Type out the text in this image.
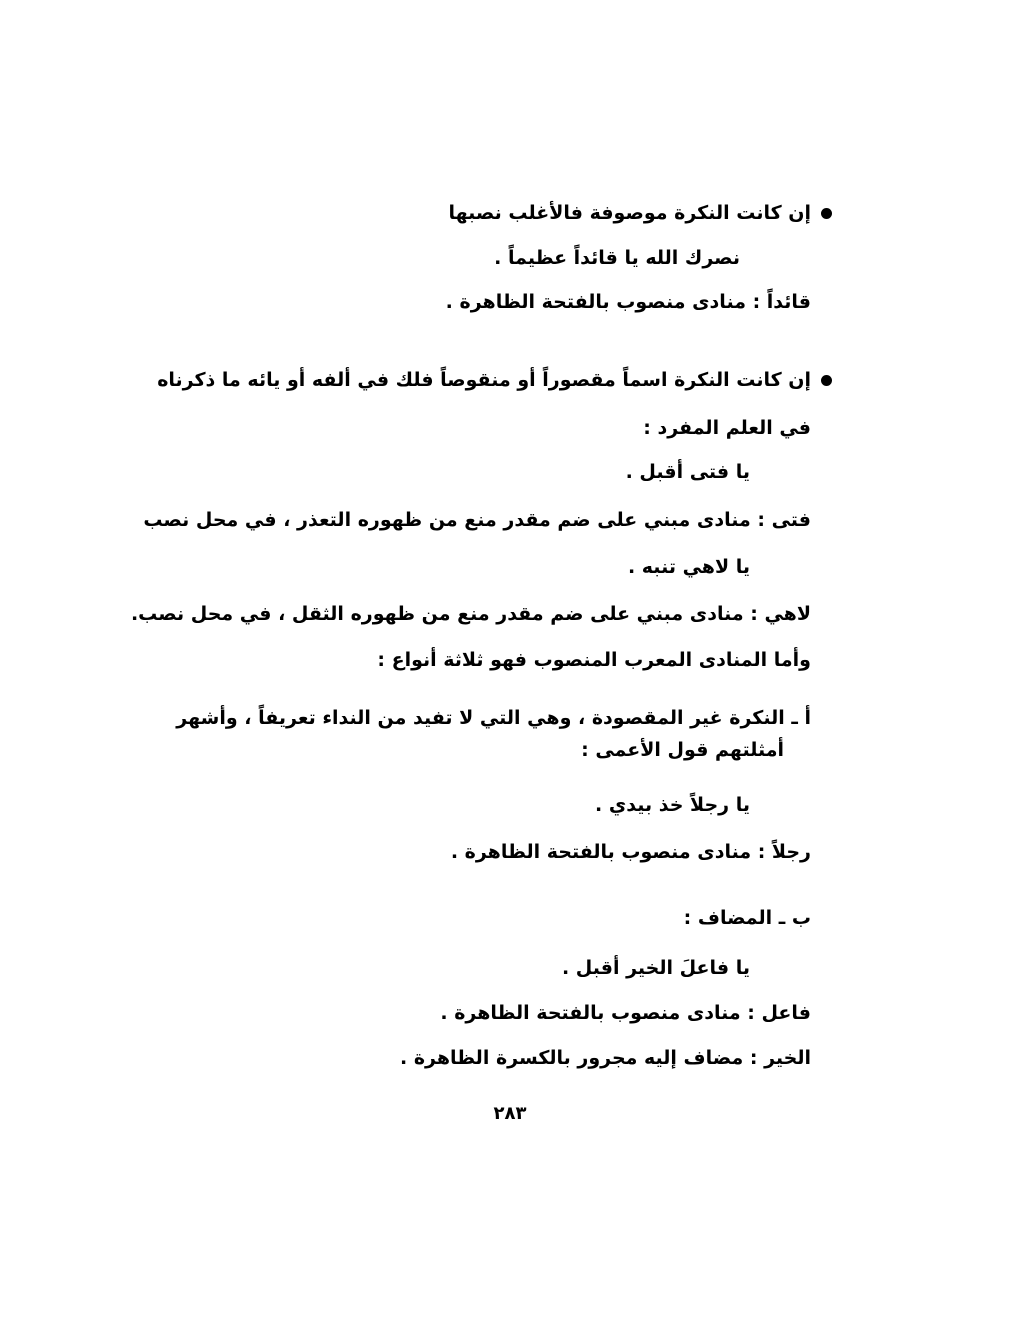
إن كانت النكرة موصوفة فالأغلب نصبها
نصرك الله يا قائداً عظيماً .
قائداً : منادى منصوب بالفتحة الظاهرة .
إن كانت النكرة اسماً مقصوراً أو منقوصاً فلك في ألفه أو يائه ما ذكرناه
في العلم المفرد :
يا فتى أقبل .
فتى : منادى مبني على ضم مقدر منع من ظهوره التعذر ، في محل نصب
يا لاهي تنبه .
لاهي : منادى مبني على ضم مقدر منع من ظهوره الثقل ، في محل نصب.
وأما المنادى المعرب المنصوب فهو ثلاثة أنواع :
أ ـ النكرة غير المقصودة ، وهي التي لا تفيد من النداء تعريفاً ، وأشهر
أمثلتهم قول الأعمى :
يا رجلاً خذ بيدي .
رجلاً : منادى منصوب بالفتحة الظاهرة .
ب ـ المضاف :
يا فاعلَ الخير أقبل .
فاعل : منادى منصوب بالفتحة الظاهرة .
الخير : مضاف إليه مجرور بالكسرة الظاهرة .
٢٨٣
